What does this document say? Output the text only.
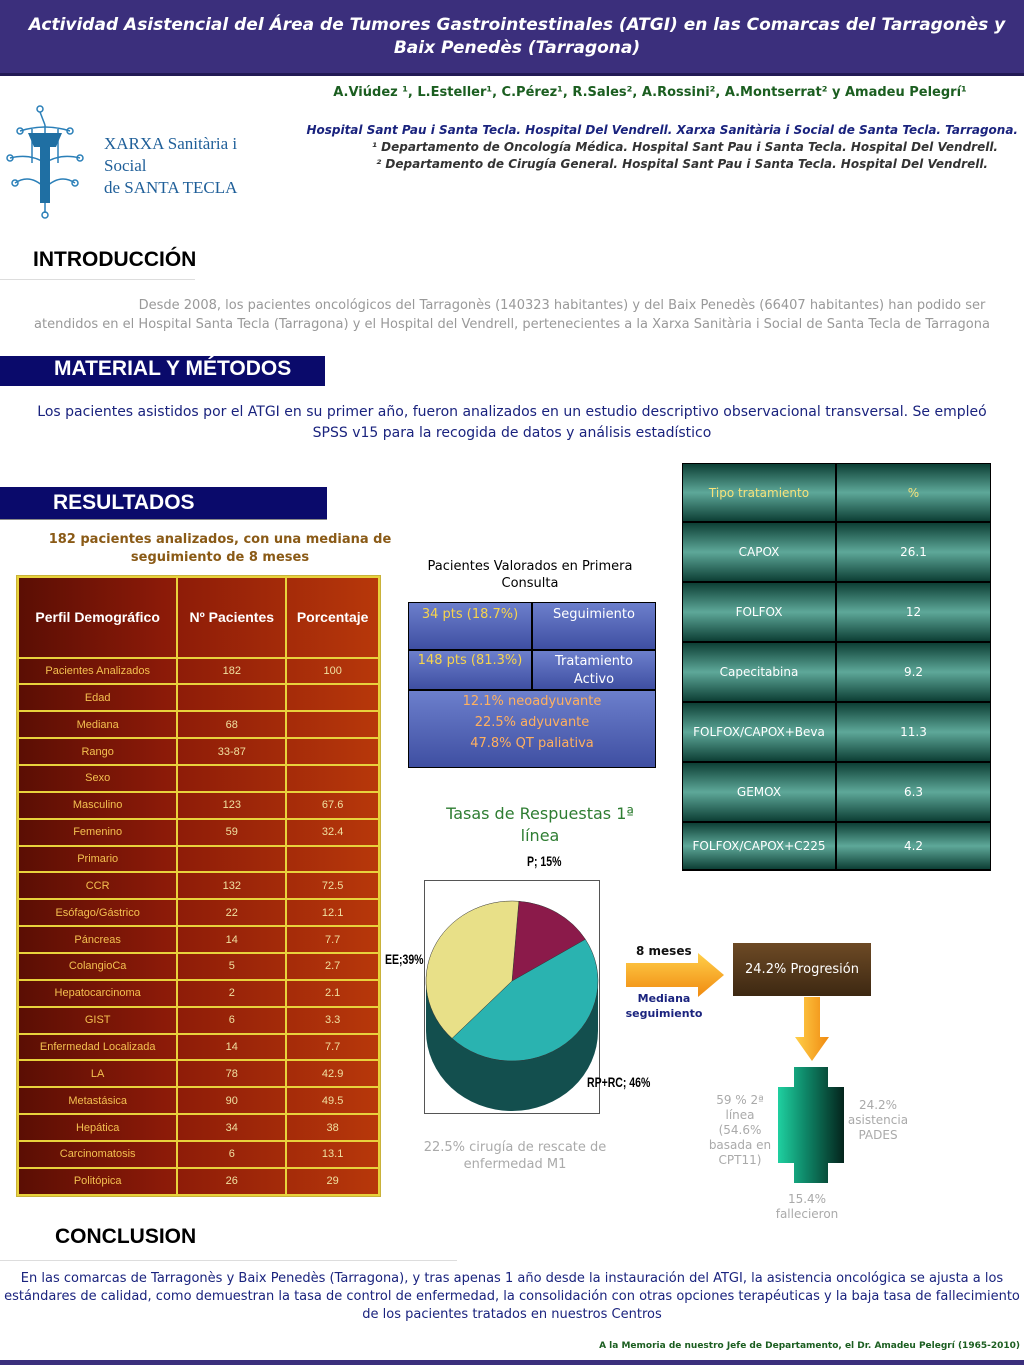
Actividad Asistencial del Área de Tumores Gastrointestinales (ATGI) en las Comarcas del Tarragonès y Baix Penedès (Tarragona)
A.Viúdez ¹, L.Esteller¹, C.Pérez¹, R.Sales², A.Rossini², A.Montserrat² y Amadeu Pelegrí¹
Hospital Sant Pau i Santa Tecla. Hospital Del Vendrell. Xarxa Sanitària i Social de Santa Tecla. Tarragona.
¹ Departamento de Oncología Médica. Hospital Sant Pau i Santa Tecla. Hospital Del Vendrell.
² Departamento de Cirugía General. Hospital Sant Pau i Santa Tecla. Hospital Del Vendrell.
XARXA Sanitària i Social
de SANTA TECLA
INTRODUCCIÓN
Desde 2008, los pacientes oncológicos del Tarragonès (140323 habitantes) y del Baix Penedès (66407 habitantes) han podido ser atendidos en el Hospital Santa Tecla (Tarragona) y el Hospital del Vendrell, pertenecientes a la Xarxa Sanitària i Social de Santa Tecla de Tarragona
MATERIAL Y MÉTODOS
Los pacientes asistidos por el ATGI en su primer año, fueron analizados en un estudio descriptivo observacional transversal. Se empleó SPSS v15 para la recogida de datos y análisis estadístico
RESULTADOS
182 pacientes analizados, con una mediana de seguimiento de 8 meses
Perfil Demográfico	Nº Pacientes	Porcentaje
Pacientes Analizados	182	100
Edad		
Mediana	68	
Rango	33-87	
Sexo		
Masculino	123	67.6
Femenino	59	32.4
Primario		
CCR	132	72.5
Esófago/Gástrico	22	12.1
Páncreas	14	7.7
ColangioCa	5	2.7
Hepatocarcinoma	2	2.1
GIST	6	3.3
Enfermedad Localizada	14	7.7
LA	78	42.9
Metastásica	90	49.5
Hepática	34	38
Carcinomatosis	6	13.1
Politópica	26	29
Pacientes Valorados en Primera Consulta
34 pts (18.7%)	Seguimiento
148 pts (81.3%)	Tratamiento Activo
12.1% neoadyuvante
22.5% adyuvante
47.8% QT paliativa
Tipo tratamiento	%
CAPOX	26.1
FOLFOX	12
Capecitabina	9.2
FOLFOX/CAPOX+Beva	11.3
GEMOX	6.3
FOLFOX/CAPOX+C225	4.2
Tasas de Respuestas 1ª línea
P; 15%
RP+RC; 46%
EE;39%
22.5% cirugía de rescate de enfermedad M1
8 meses
Mediana seguimiento
24.2% Progresión
59 % 2ª línea (54.6% basada en CPT11)
24.2% asistencia PADES
15.4% fallecieron
CONCLUSION
En las comarcas de Tarragonès y Baix Penedès (Tarragona), y tras apenas 1 año desde la instauración del ATGI, la asistencia oncológica se ajusta a los estándares de calidad, como demuestran la tasa de control de enfermedad, la consolidación con otras opciones terapéuticas y la baja tasa de fallecimiento de los pacientes tratados en nuestros Centros
A la Memoria de nuestro Jefe de Departamento, el Dr. Amadeu Pelegrí (1965-2010)
